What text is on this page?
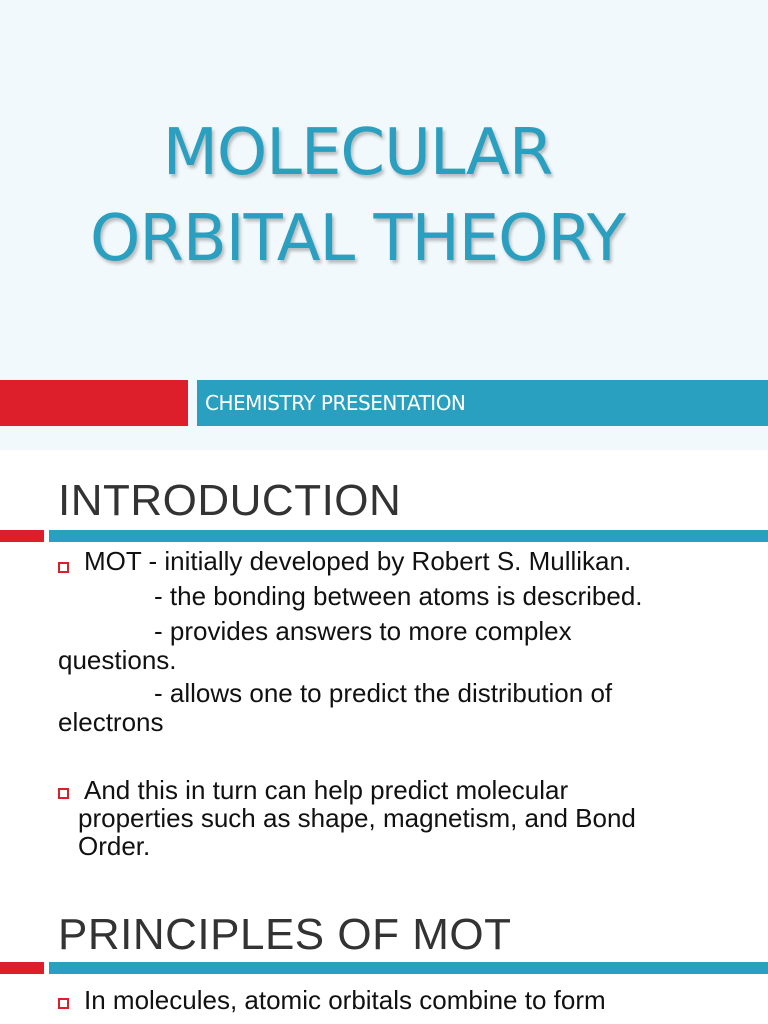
MOLECULAR
ORBITAL THEORY
CHEMISTRY PRESENTATION
INTRODUCTION
MOT - initially developed by Robert S. Mullikan.
- the bonding between atoms is described.
- provides answers to more complex
questions.
- allows one to predict the distribution of
electrons
And this in turn can help predict molecular
properties such as shape, magnetism, and Bond
Order.
PRINCIPLES OF MOT
In molecules, atomic orbitals combine to form
